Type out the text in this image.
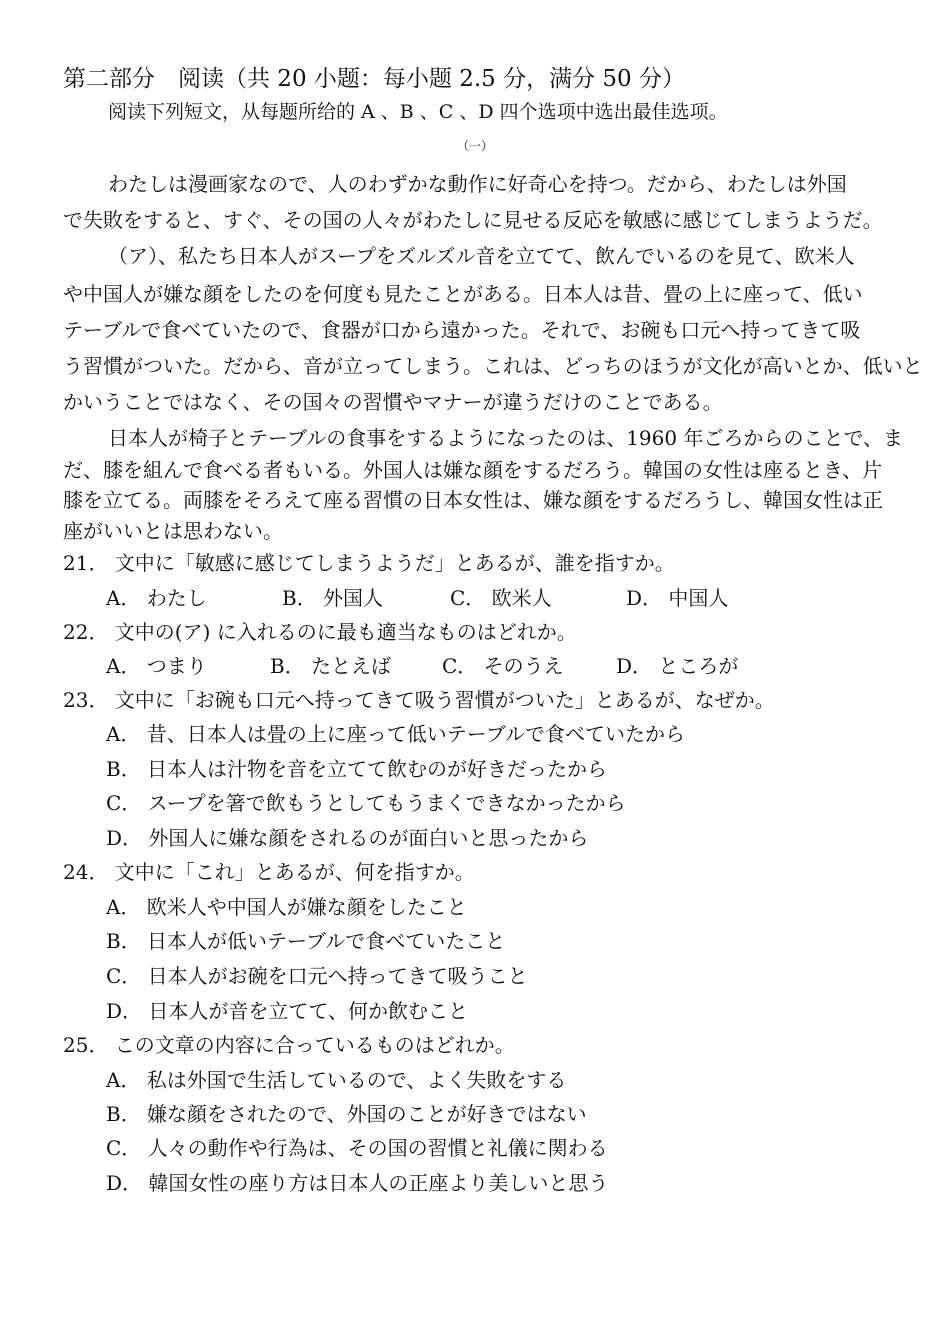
第二部分　阅读（共 20 小题：每小题 2.5 分，满分 50 分）
阅读下列短文，从每题所给的 A 、B 、C 、D 四个选项中选出最佳选项。
（一）
わたしは漫画家なので、人のわずかな動作に好奇心を持つ。だから、わたしは外国
で失敗をすると、すぐ、その国の人々がわたしに見せる反応を敏感に感じてしまうようだ。
（ア）、私たち日本人がスープをズルズル音を立てて、飲んでいるのを見て、欧米人
や中国人が嫌な顔をしたのを何度も見たことがある。日本人は昔、畳の上に座って、低い
テーブルで食べていたので、食器が口から遠かった。それで、お碗も口元へ持ってきて吸
う習慣がついた。だから、音が立ってしまう。これは、どっちのほうが文化が高いとか、低いと
かいうことではなく、その国々の習慣やマナーが違うだけのことである。
日本人が椅子とテーブルの食事をするようになったのは、1960 年ごろからのことで、ま
だ、膝を組んで食べる者もいる。外国人は嫌な顔をするだろう。韓国の女性は座るとき、片
膝を立てる。両膝をそろえて座る習慣の日本女性は、嫌な顔をするだろうし、韓国女性は正
座がいいとは思わない。
21． 文中に「敏感に感じてしまうようだ」とあるが、誰を指すか。
A． わたし	B． 外国人	C． 欧米人	D． 中国人
22． 文中の(ア) に入れるのに最も適当なものはどれか。
A． つまり	B． たとえば	C． そのうえ	D． ところが
23． 文中に「お碗も口元へ持ってきて吸う習慣がついた」とあるが、なぜか。
A． 昔、日本人は畳の上に座って低いテーブルで食べていたから
B． 日本人は汁物を音を立てて飲むのが好きだったから
C． スープを箸で飲もうとしてもうまくできなかったから
D． 外国人に嫌な顔をされるのが面白いと思ったから
24． 文中に「これ」とあるが、何を指すか。
A． 欧米人や中国人が嫌な顔をしたこと
B． 日本人が低いテーブルで食べていたこと
C． 日本人がお碗を口元へ持ってきて吸うこと
D． 日本人が音を立てて、何か飲むこと
25． この文章の内容に合っているものはどれか。
A． 私は外国で生活しているので、よく失敗をする
B． 嫌な顔をされたので、外国のことが好きではない
C． 人々の動作や行為は、その国の習慣と礼儀に関わる
D． 韓国女性の座り方は日本人の正座より美しいと思う
